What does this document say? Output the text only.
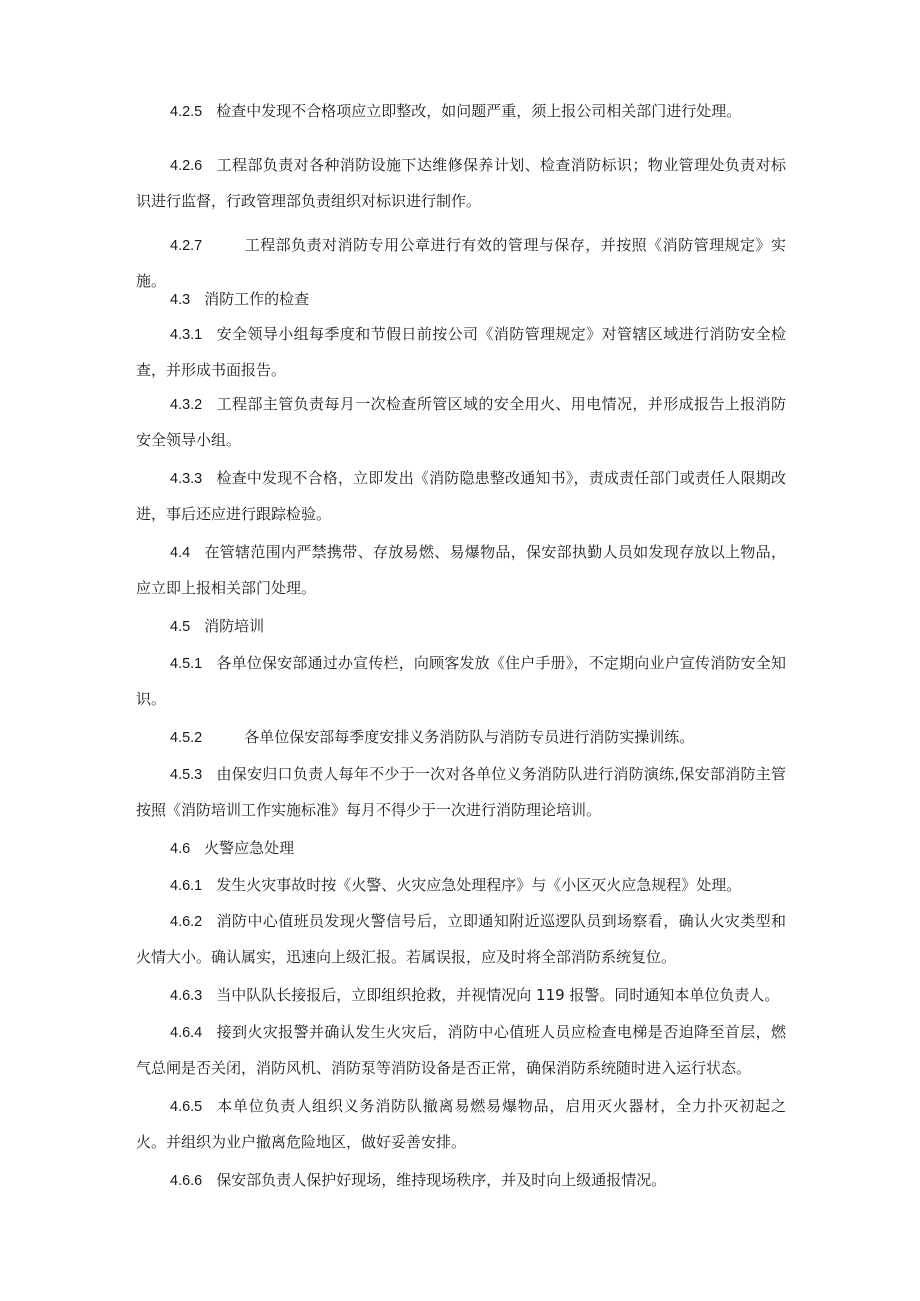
4.2.5 检查中发现不合格项应立即整改，如问题严重，须上报公司相关部门进行处理。

4.2.6 工程部负责对各种消防设施下达维修保养计划、检查消防标识；物业管理处负责对标识进行监督，行政管理部负责组织对标识进行制作。

4.2.7	工程部负责对消防专用公章进行有效的管理与保存，并按照《消防管理规定》实施。

4.3 消防工作的检查

4.3.1 安全领导小组每季度和节假日前按公司《消防管理规定》对管辖区域进行消防安全检查，并形成书面报告。

4.3.2 工程部主管负责每月一次检查所管区域的安全用火、用电情况，并形成报告上报消防安全领导小组。

4.3.3 检查中发现不合格，立即发出《消防隐患整改通知书》，责成责任部门或责任人限期改进，事后还应进行跟踪检验。

4.4 在管辖范围内严禁携带、存放易燃、易爆物品，保安部执勤人员如发现存放以上物品，应立即上报相关部门处理。

4.5 消防培训

4.5.1 各单位保安部通过办宣传栏，向顾客发放《住户手册》，不定期向业户宣传消防安全知识。

4.5.2	各单位保安部每季度安排义务消防队与消防专员进行消防实操训练。

4.5.3 由保安归口负责人每年不少于一次对各单位义务消防队进行消防演练,保安部消防主管按照《消防培训工作实施标准》每月不得少于一次进行消防理论培训。

4.6 火警应急处理

4.6.1 发生火灾事故时按《火警、火灾应急处理程序》与《小区灭火应急规程》处理。

4.6.2 消防中心值班员发现火警信号后，立即通知附近巡逻队员到场察看，确认火灾类型和火情大小。确认属实，迅速向上级汇报。若属误报，应及时将全部消防系统复位。

4.6.3 当中队队长接报后，立即组织抢救，并视情况向 119 报警。同时通知本单位负责人。

4.6.4 接到火灾报警并确认发生火灾后，消防中心值班人员应检查电梯是否迫降至首层，燃气总闸是否关闭，消防风机、消防泵等消防设备是否正常，确保消防系统随时进入运行状态。

4.6.5 本单位负责人组织义务消防队撤离易燃易爆物品，启用灭火器材，全力扑灭初起之火。并组织为业户撤离危险地区，做好妥善安排。

4.6.6 保安部负责人保护好现场，维持现场秩序，并及时向上级通报情况。
